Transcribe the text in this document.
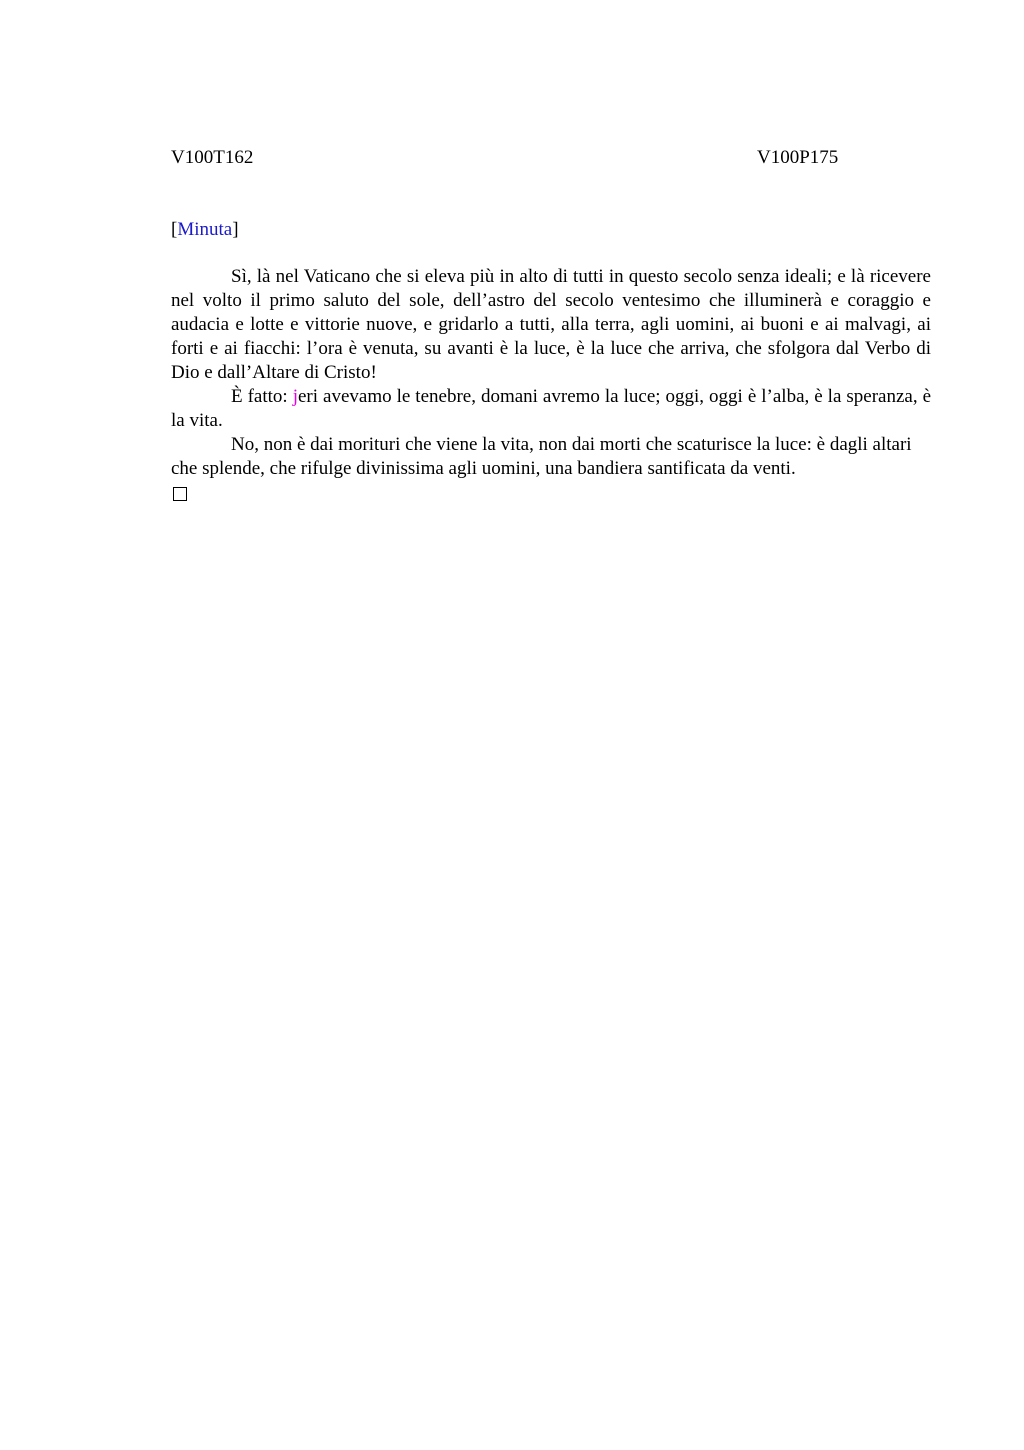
V100T162	V100P175
[Minuta]

Sì, là nel Vaticano che si eleva più in alto di tutti in questo secolo senza ideali; e là ricevere nel volto il primo saluto del sole, dell’astro del secolo ventesimo che illuminerà e coraggio e audacia e lotte e vittorie nuove, e gridarlo a tutti, alla terra, agli uomini, ai buoni e ai malvagi, ai forti e ai fiacchi: l’ora è venuta, su avanti è la luce, è la luce che arriva, che sfolgora dal Verbo di Dio e dall’Altare di Cristo!

È fatto: jeri avevamo le tenebre, domani avremo la luce; oggi, oggi è l’alba, è la speranza, è la vita.

No, non è dai morituri che viene la vita, non dai morti che scaturisce la luce: è dagli altari che splende, che rifulge divinissima agli uomini, una bandiera santificata da venti.
